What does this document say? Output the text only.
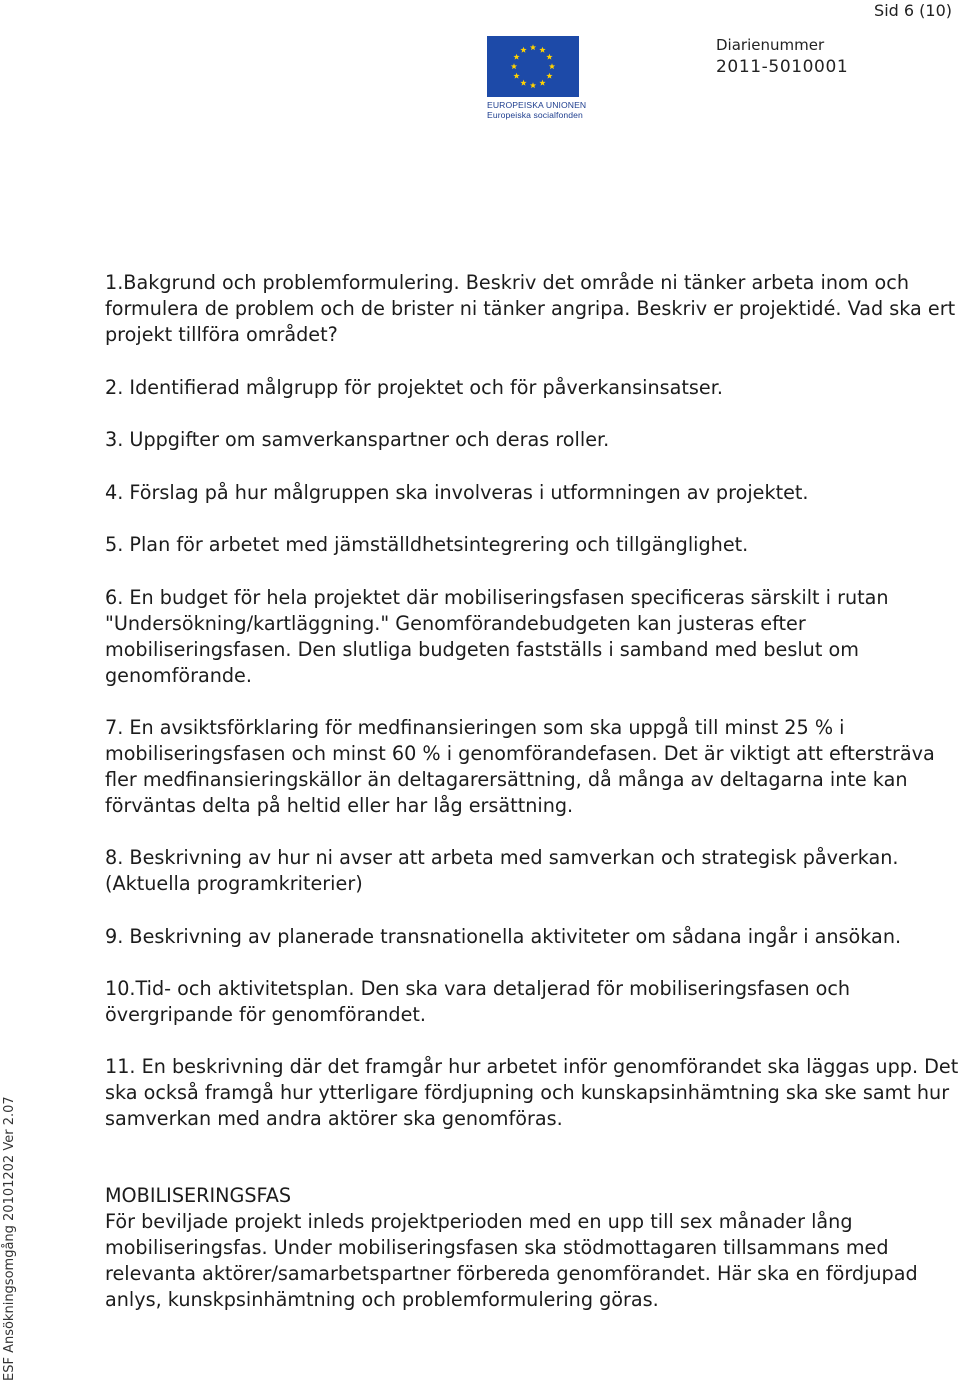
Sid 6 (10)
EUROPEISKA UNIONEN
Europeiska socialfonden
Diarienummer
2011-5010001
ESF Ansökningsomgång 20101202 Ver 2.07

1.Bakgrund och problemformulering. Beskriv det område ni tänker arbeta inom och formulera de problem och de brister ni tänker angripa. Beskriv er projektidé. Vad ska ert projekt tillföra området?

2. Identifierad målgrupp för projektet och för påverkansinsatser.

3. Uppgifter om samverkanspartner och deras roller.

4. Förslag på hur målgruppen ska involveras i utformningen av projektet.

5. Plan för arbetet med jämställdhetsintegrering och tillgänglighet.

6. En budget för hela projektet där mobiliseringsfasen specificeras särskilt i rutan "Undersökning/kartläggning." Genomförandebudgeten kan justeras efter mobiliseringsfasen. Den slutliga budgeten fastställs i samband med beslut om genomförande.

7. En avsiktsförklaring för medfinansieringen som ska uppgå till minst 25 % i mobiliseringsfasen och minst 60 % i genomförandefasen. Det är viktigt att eftersträva fler medfinansieringskällor än deltagarersättning, då många av deltagarna inte kan förväntas delta på heltid eller har låg ersättning.

8. Beskrivning av hur ni avser att arbeta med samverkan och strategisk påverkan. (Aktuella programkriterier)

9. Beskrivning av planerade transnationella aktiviteter om sådana ingår i ansökan.

10.Tid- och aktivitetsplan. Den ska vara detaljerad för mobiliseringsfasen och övergripande för genomförandet.

11. En beskrivning där det framgår hur arbetet inför genomförandet ska läggas upp. Det ska också framgå hur ytterligare fördjupning och kunskapsinhämtning ska ske samt hur samverkan med andra aktörer ska genomföras.

MOBILISERINGSFAS

För beviljade projekt inleds projektperioden med en upp till sex månader lång mobiliseringsfas. Under mobiliseringsfasen ska stödmottagaren tillsammans med relevanta aktörer/samarbetspartner förbereda genomförandet. Här ska en fördjupad anlys, kunskpsinhämtning och problemformulering göras.
